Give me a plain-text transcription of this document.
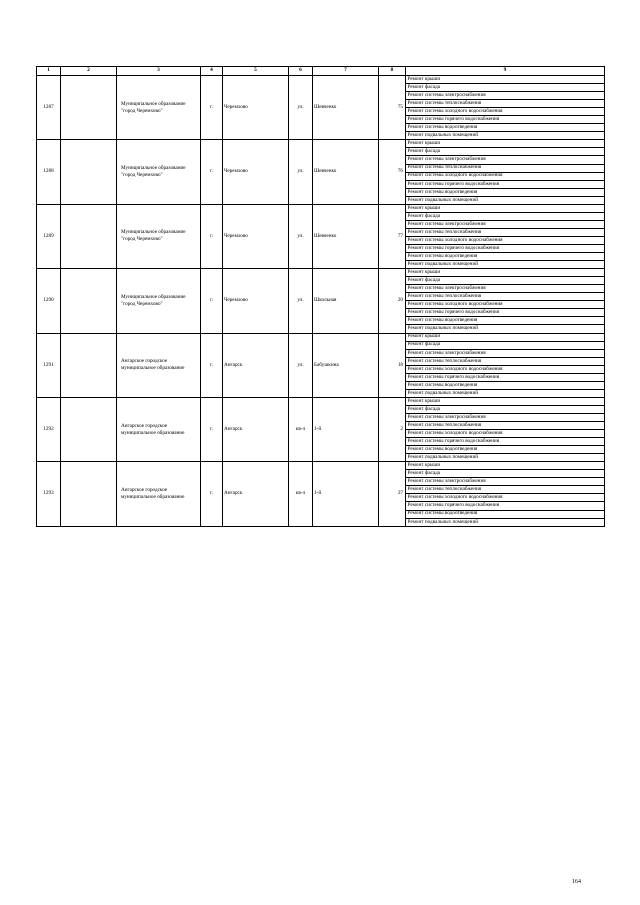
1	2	3	4	5	6	7	8	9
1287		Муниципальное образование "город Черемхово"	г.	Черемхово	ул.	Шевченко	75	Ремонт крыши
								Ремонт фасада
								Ремонт системы электроснабжения
								Ремонт системы теплоснабжения
								Ремонт системы холодного водоснабжения
								Ремонт системы горячего водоснабжения
								Ремонт системы водоотведения
								Ремонт подвальных помещений
1288		Муниципальное образование "город Черемхово"	г.	Черемхово	ул.	Шевченко	76	Ремонт крыши
								Ремонт фасада
								Ремонт системы электроснабжения
								Ремонт системы теплоснабжения
								Ремонт системы холодного водоснабжения
								Ремонт системы горячего водоснабжения
								Ремонт системы водоотведения
								Ремонт подвальных помещений
1289		Муниципальное образование "город Черемхово"	г.	Черемхово	ул.	Шевченко	77	Ремонт крыши
								Ремонт фасада
								Ремонт системы электроснабжения
								Ремонт системы теплоснабжения
								Ремонт системы холодного водоснабжения
								Ремонт системы горячего водоснабжения
								Ремонт системы водоотведения
								Ремонт подвальных помещений
1290		Муниципальное образование "город Черемхово"	г.	Черемхово	ул.	Школьная	20	Ремонт крыши
								Ремонт фасада
								Ремонт системы электроснабжения
								Ремонт системы теплоснабжения
								Ремонт системы холодного водоснабжения
								Ремонт системы горячего водоснабжения
								Ремонт системы водоотведения
								Ремонт подвальных помещений
1291		Ангарское городское муниципальное образование	г.	Ангарск	ул.	Бабушкина	18	Ремонт крыши
								Ремонт фасада
								Ремонт системы электроснабжения
								Ремонт системы теплоснабжения
								Ремонт системы холодного водоснабжения
								Ремонт системы горячего водоснабжения
								Ремонт системы водоотведения
								Ремонт подвальных помещений
1292		Ангарское городское муниципальное образование	г.	Ангарск	кв-л	1-й	2	Ремонт крыши
								Ремонт фасада
								Ремонт системы электроснабжения
								Ремонт системы теплоснабжения
								Ремонт системы холодного водоснабжения
								Ремонт системы горячего водоснабжения
								Ремонт системы водоотведения
								Ремонт подвальных помещений
1293		Ангарское городское муниципальное образование	г.	Ангарск	кв-л	1-й	27	Ремонт крыши
								Ремонт фасада
								Ремонт системы электроснабжения
								Ремонт системы теплоснабжения
								Ремонт системы холодного водоснабжения
								Ремонт системы горячего водоснабжения
								Ремонт системы водоотведения
								Ремонт подвальных помещений
164
